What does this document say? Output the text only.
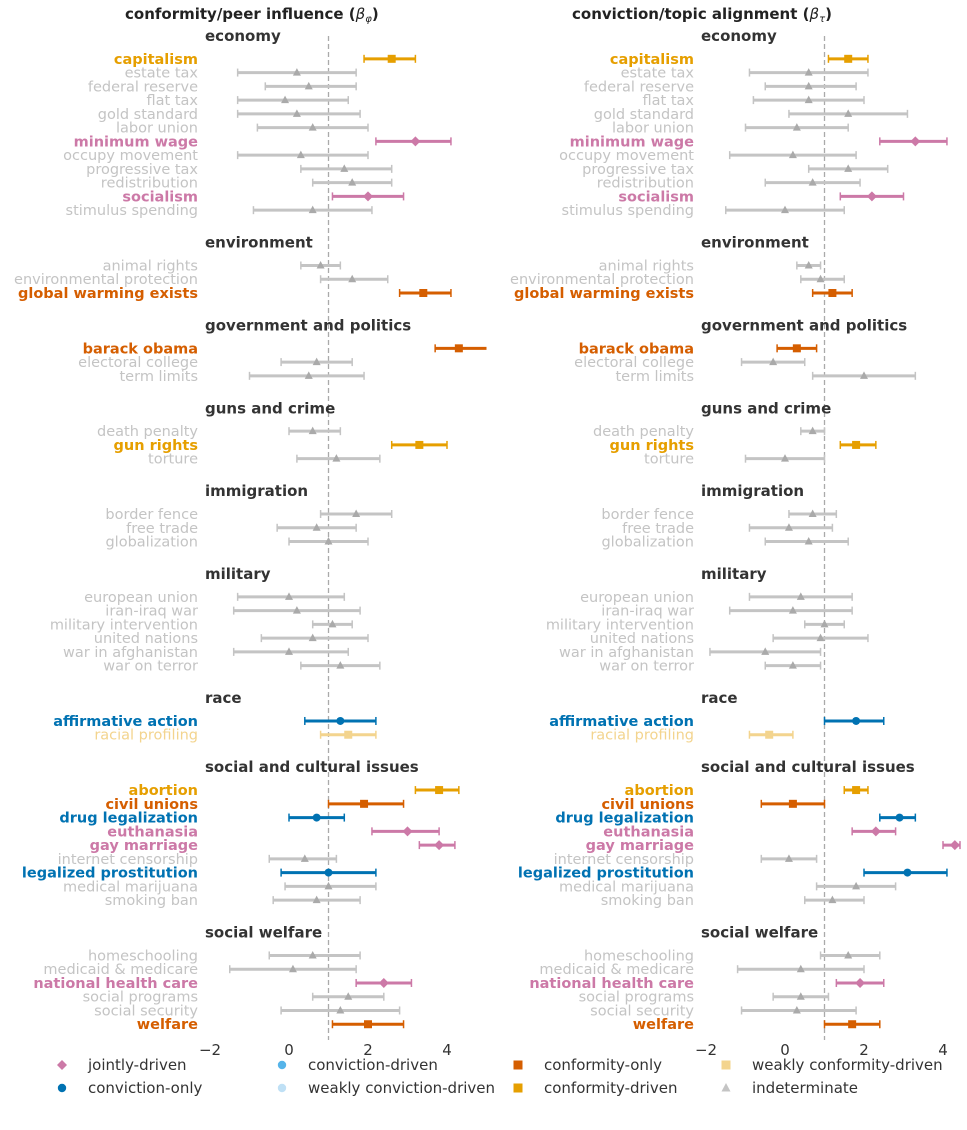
conformity/peer influence $(\beta_\varphi)$	conviction/topic alignment $(\beta_\tau)$
economy
capitalism
estate tax
federal reserve
flat tax
gold standard
labor union
minimum wage
occupy movement
progressive tax
redistribution
socialism
stimulus spending
environment
animal rights
environmental protection
global warming exists
government and politics
barack obama
electoral college
term limits
guns and crime
death penalty
gun rights
torture
immigration
border fence
free trade
globalization
military
european union
iran-iraq war
military intervention
united nations
war in afghanistan
war on terror
race
affirmative action
racial profiling
social and cultural issues
abortion
civil unions
drug legalization
euthanasia
gay marriage
internet censorship
legalized prostitution
medical marijuana
smoking ban
social welfare
homeschooling
medicaid & medicare
national health care
social programs
social security
welfare
−2	0	2	4
economy
capitalism
estate tax
federal reserve
flat tax
gold standard
labor union
minimum wage
occupy movement
progressive tax
redistribution
socialism
stimulus spending
environment
animal rights
environmental protection
global warming exists
government and politics
barack obama
electoral college
term limits
guns and crime
death penalty
gun rights
torture
immigration
border fence
free trade
globalization
military
european union
iran-iraq war
military intervention
united nations
war in afghanistan
war on terror
race
affirmative action
racial profiling
social and cultural issues
abortion
civil unions
drug legalization
euthanasia
gay marriage
internet censorship
legalized prostitution
medical marijuana
smoking ban
social welfare
homeschooling
medicaid & medicare
national health care
social programs
social security
welfare
−2	0	2	4
jointly-driven
conviction-only
conviction-driven
weakly conviction-driven
conformity-only
conformity-driven
weakly conformity-driven
indeterminate
